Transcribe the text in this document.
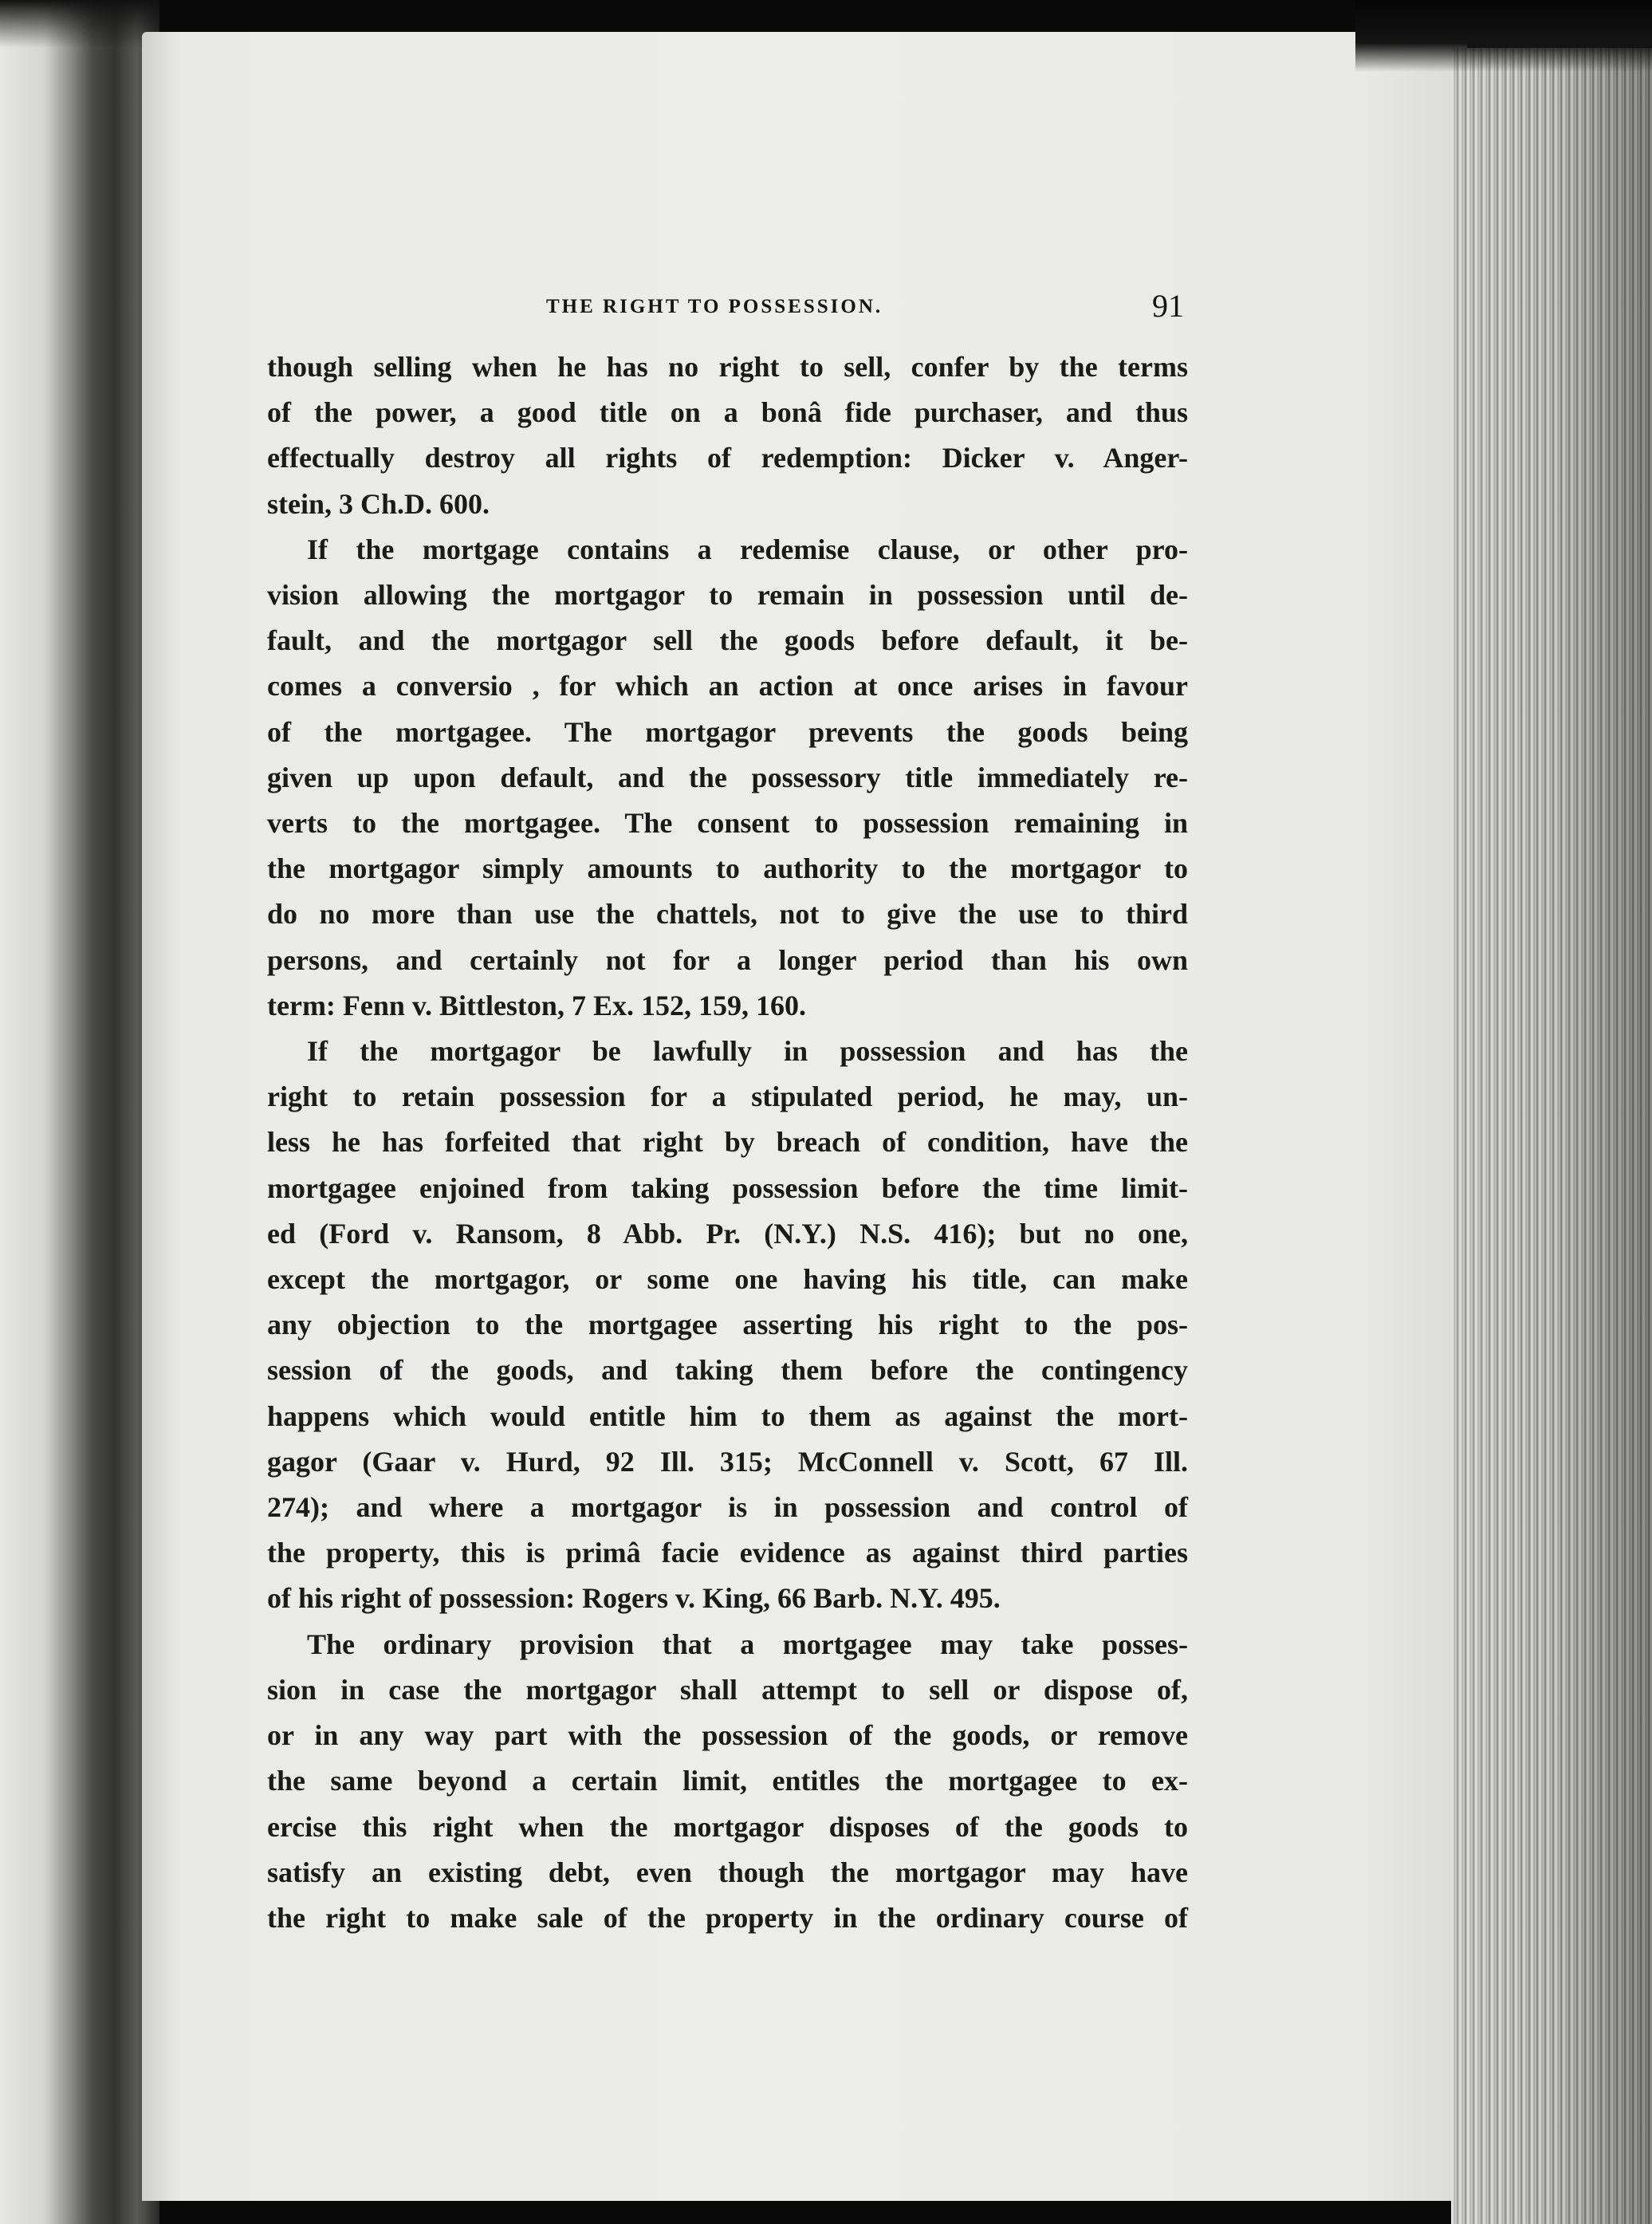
THE RIGHT TO POSSESSION.	91
though selling when he has no right to sell, confer by the terms
of the power, a good title on a bonâ fide purchaser, and thus
effectually destroy all rights of redemption: Dicker v. Anger-
stein, 3 Ch.D. 600.
If the mortgage contains a redemise clause, or other pro-
vision allowing the mortgagor to remain in possession until de-
fault, and the mortgagor sell the goods before default, it be-
comes a conversio , for which an action at once arises in favour
of the mortgagee. The mortgagor prevents the goods being
given up upon default, and the possessory title immediately re-
verts to the mortgagee. The consent to possession remaining in
the mortgagor simply amounts to authority to the mortgagor to
do no more than use the chattels, not to give the use to third
persons, and certainly not for a longer period than his own
term: Fenn v. Bittleston, 7 Ex. 152, 159, 160.
If the mortgagor be lawfully in possession and has the
right to retain possession for a stipulated period, he may, un-
less he has forfeited that right by breach of condition, have the
mortgagee enjoined from taking possession before the time limit-
ed (Ford v. Ransom, 8 Abb. Pr. (N.Y.) N.S. 416); but no one,
except the mortgagor, or some one having his title, can make
any objection to the mortgagee asserting his right to the pos-
session of the goods, and taking them before the contingency
happens which would entitle him to them as against the mort-
gagor (Gaar v. Hurd, 92 Ill. 315; McConnell v. Scott, 67 Ill.
274); and where a mortgagor is in possession and control of
the property, this is primâ facie evidence as against third parties
of his right of possession: Rogers v. King, 66 Barb. N.Y. 495.
The ordinary provision that a mortgagee may take posses-
sion in case the mortgagor shall attempt to sell or dispose of,
or in any way part with the possession of the goods, or remove
the same beyond a certain limit, entitles the mortgagee to ex-
ercise this right when the mortgagor disposes of the goods to
satisfy an existing debt, even though the mortgagor may have
the right to make sale of the property in the ordinary course of
